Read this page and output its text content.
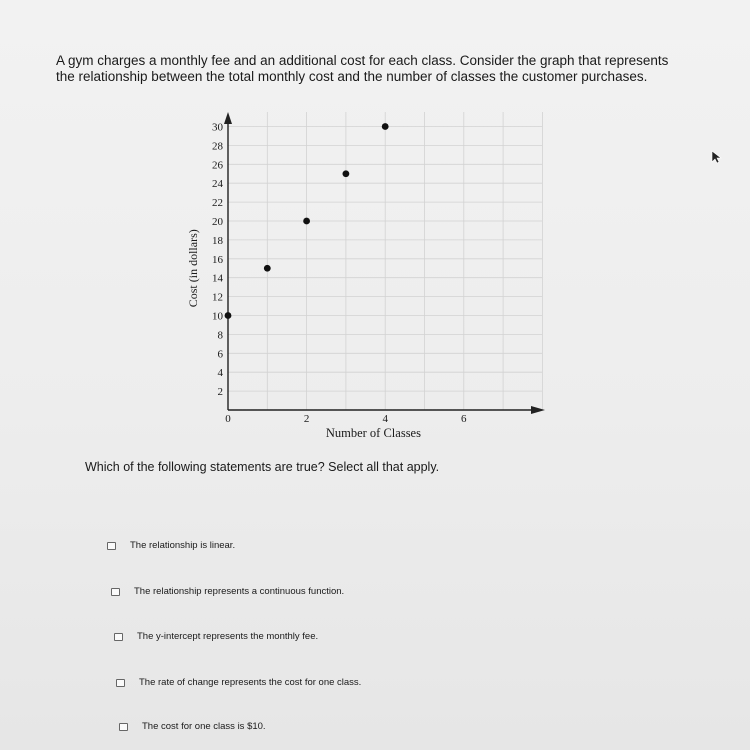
A gym charges a monthly fee and an additional cost for each class. Consider the graph that represents the relationship between the total monthly cost and the number of classes the customer purchases.

2
4
6
8
10
12
14
16
18
20
22
24
26
28
30
0	2	4	6
Number of Classes
Cost (in dollars)

Which of the following statements are true? Select all that apply.

The relationship is linear.
The relationship represents a continuous function.
The y-intercept represents the monthly fee.
The rate of change represents the cost for one class.
The cost for one class is $10.
